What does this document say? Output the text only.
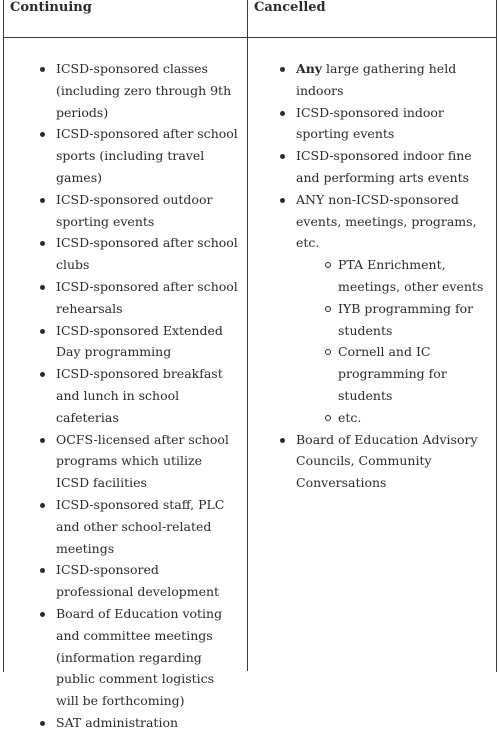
Continuing	Cancelled
ICSD-sponsored classes (including zero through 9th periods)
ICSD-sponsored after school sports (including travel games)
ICSD-sponsored outdoor sporting events
ICSD-sponsored after school clubs
ICSD-sponsored after school rehearsals
ICSD-sponsored Extended Day programming
ICSD-sponsored breakfast and lunch in school cafeterias
OCFS-licensed after school programs which utilize ICSD facilities
ICSD-sponsored staff, PLC and other school-related meetings
ICSD-sponsored professional development
Board of Education voting and committee meetings (information regarding public comment logistics will be forthcoming)
SAT administration
Any large gathering held indoors
ICSD-sponsored indoor sporting events
ICSD-sponsored indoor fine and performing arts events
ANY non-ICSD-sponsored events, meetings, programs, etc.
PTA Enrichment, meetings, other events
IYB programming for students
Cornell and IC programming for students
etc.
Board of Education Advisory Councils, Community Conversations
